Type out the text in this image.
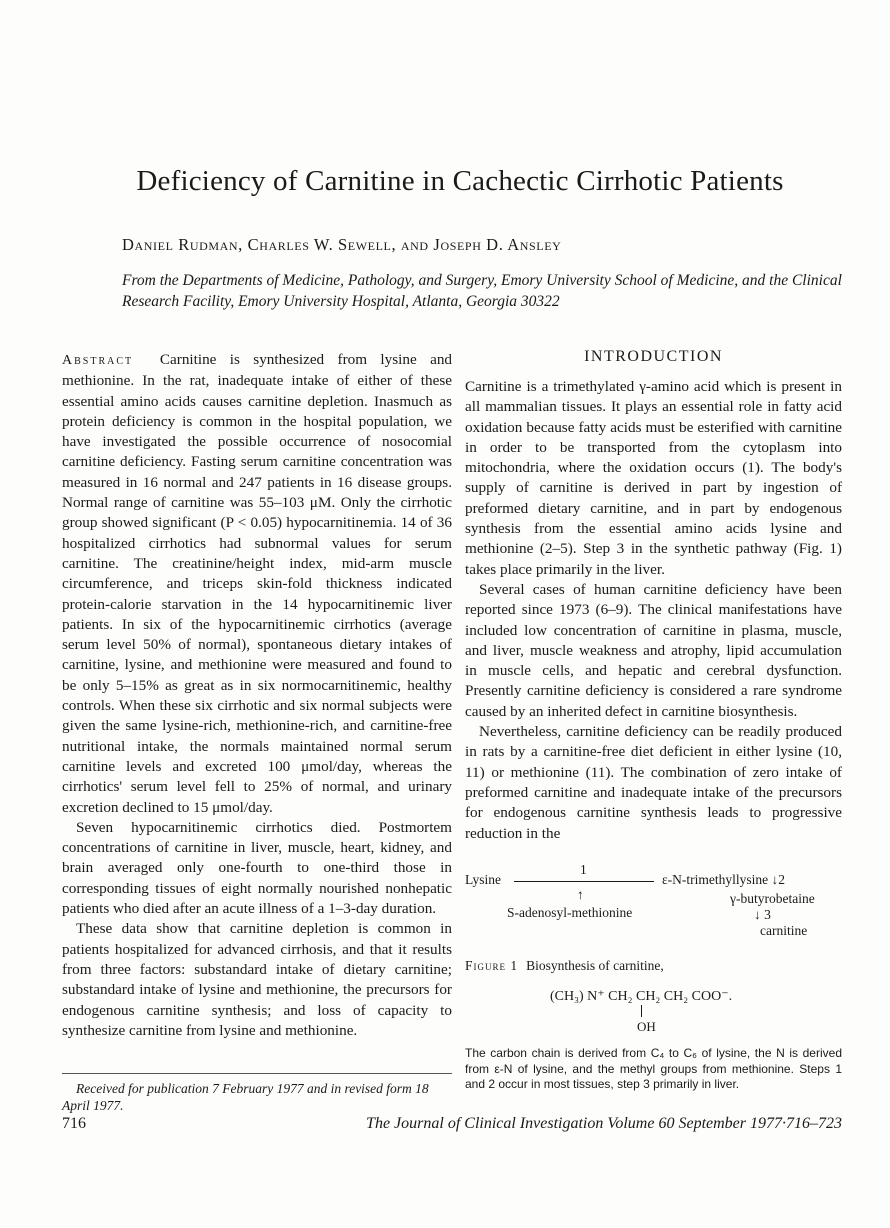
Deficiency of Carnitine in Cachectic Cirrhotic Patients
Daniel Rudman, Charles W. Sewell, and Joseph D. Ansley
From the Departments of Medicine, Pathology, and Surgery, Emory University School of Medicine, and the Clinical Research Facility, Emory University Hospital, Atlanta, Georgia 30322

Abstract Carnitine is synthesized from lysine and methionine. In the rat, inadequate intake of either of these essential amino acids causes carnitine depletion. Inasmuch as protein deficiency is common in the hospital population, we have investigated the possible occurrence of nosocomial carnitine deficiency. Fasting serum carnitine concentration was measured in 16 normal and 247 patients in 16 disease groups. Normal range of carnitine was 55–103 μM. Only the cirrhotic group showed significant (P < 0.05) hypocarnitinemia. 14 of 36 hospitalized cirrhotics had subnormal values for serum carnitine. The creatinine/height index, mid-arm muscle circumference, and triceps skin-fold thickness indicated protein-calorie starvation in the 14 hypocarnitinemic liver patients. In six of the hypocarnitinemic cirrhotics (average serum level 50% of normal), spontaneous dietary intakes of carnitine, lysine, and methionine were measured and found to be only 5–15% as great as in six normocarnitinemic, healthy controls. When these six cirrhotic and six normal subjects were given the same lysine-rich, methionine-rich, and carnitine-free nutritional intake, the normals maintained normal serum carnitine levels and excreted 100 μmol/day, whereas the cirrhotics' serum level fell to 25% of normal, and urinary excretion declined to 15 μmol/day.

Seven hypocarnitinemic cirrhotics died. Postmortem concentrations of carnitine in liver, muscle, heart, kidney, and brain averaged only one-fourth to one-third those in corresponding tissues of eight normally nourished nonhepatic patients who died after an acute illness of a 1–3-day duration.

These data show that carnitine depletion is common in patients hospitalized for advanced cirrhosis, and that it results from three factors: substandard intake of dietary carnitine; substandard intake of lysine and methionine, the precursors for endogenous carnitine synthesis; and loss of capacity to synthesize carnitine from lysine and methionine.

Received for publication 7 February 1977 and in revised form 18 April 1977.
INTRODUCTION

Carnitine is a trimethylated γ-amino acid which is present in all mammalian tissues. It plays an essential role in fatty acid oxidation because fatty acids must be esterified with carnitine in order to be transported from the cytoplasm into mitochondria, where the oxidation occurs (1). The body's supply of carnitine is derived in part by ingestion of preformed dietary carnitine, and in part by endogenous synthesis from the essential amino acids lysine and methionine (2–5). Step 3 in the synthetic pathway (Fig. 1) takes place primarily in the liver.

Several cases of human carnitine deficiency have been reported since 1973 (6–9). The clinical manifestations have included low concentration of carnitine in plasma, muscle, and liver, muscle weakness and atrophy, lipid accumulation in muscle cells, and hepatic and cerebral dysfunction. Presently carnitine deficiency is considered a rare syndrome caused by an inherited defect in carnitine biosynthesis.

Nevertheless, carnitine deficiency can be readily produced in rats by a carnitine-free diet deficient in either lysine (10, 11) or methionine (11). The combination of zero intake of preformed carnitine and inadequate intake of the precursors for endogenous carnitine synthesis leads to progressive reduction in the

Lysine
1
ε-N-trimethyllysine ↓2
↑
S-adenosyl-methionine
γ-butyrobetaine
↓ 3
carnitine
Figure 1 Biosynthesis of carnitine,
(CH₃) N⁺ CH₂ CH₂ CH₂ COO⁻.
OH
The carbon chain is derived from C₄ to C₆ of lysine, the N is derived from ε-N of lysine, and the methyl groups from methionine. Steps 1 and 2 occur in most tissues, step 3 primarily in liver.
716	The Journal of Clinical Investigation Volume 60 September 1977·716–723
